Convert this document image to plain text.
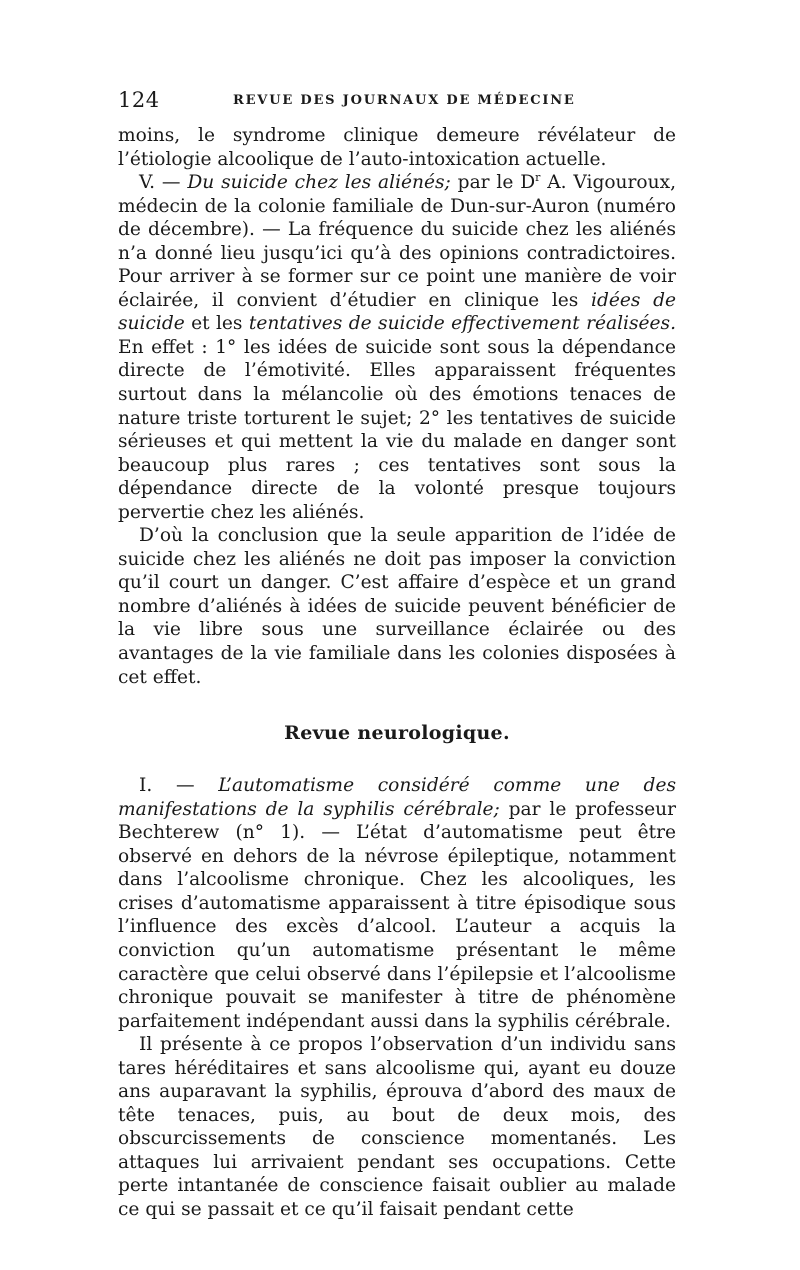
124	REVUE DES JOURNAUX DE MÉDECINE

moins, le syndrome clinique demeure révélateur de l’étiologie alcoolique de l’auto-intoxication actuelle.

V. — Du suicide chez les aliénés; par le $D^r$ A. Vigouroux, médecin de la colonie familiale de Dun-sur-Auron (numéro de décembre). — La fréquence du suicide chez les aliénés n’a donné lieu jusqu’ici qu’à des opinions contradictoires. Pour arriver à se former sur ce point une manière de voir éclairée, il convient d’étudier en clinique les idées de suicide et les tentatives de suicide effectivement réalisées. En effet : 1° les idées de suicide sont sous la dépendance directe de l’émotivité. Elles apparaissent fréquentes surtout dans la mélancolie où des émotions tenaces de nature triste torturent le sujet; 2° les tentatives de suicide sérieuses et qui mettent la vie du malade en danger sont beaucoup plus rares ; ces tentatives sont sous la dépendance directe de la volonté presque toujours pervertie chez les aliénés.

D’où la conclusion que la seule apparition de l’idée de suicide chez les aliénés ne doit pas imposer la conviction qu’il court un danger. C’est affaire d’espèce et un grand nombre d’aliénés à idées de suicide peuvent bénéficier de la vie libre sous une surveillance éclairée ou des avantages de la vie familiale dans les colonies disposées à cet effet.

Revue neurologique.

I. — L’automatisme considéré comme une des manifestations de la syphilis cérébrale; par le professeur Bechterew (n° 1). — L’état d’automatisme peut être observé en dehors de la névrose épileptique, notamment dans l’alcoolisme chronique. Chez les alcooliques, les crises d’automatisme apparaissent à titre épisodique sous l’influence des excès d’alcool. L’auteur a acquis la conviction qu’un automatisme présentant le même caractère que celui observé dans l’épilepsie et l’alcoolisme chronique pouvait se manifester à titre de phénomène parfaitement indépendant aussi dans la syphilis cérébrale.

Il présente à ce propos l’observation d’un individu sans tares héréditaires et sans alcoolisme qui, ayant eu douze ans auparavant la syphilis, éprouva d’abord des maux de tête tenaces, puis, au bout de deux mois, des obscurcissements de conscience momentanés. Les attaques lui arrivaient pendant ses occupations. Cette perte intantanée de conscience faisait oublier au malade ce qui se passait et ce qu’il faisait pendant cette
